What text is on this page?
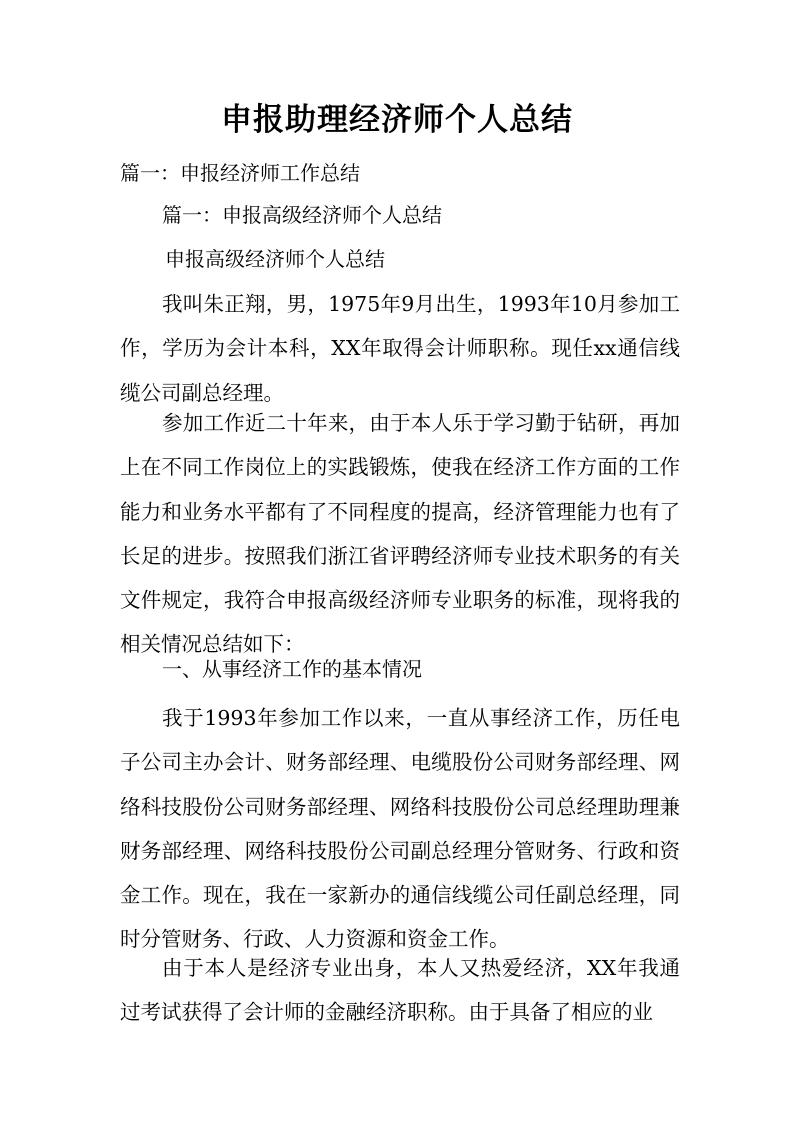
申报助理经济师个人总结
篇一：申报经济师工作总结
篇一：申报高级经济师个人总结
申报高级经济师个人总结

我叫朱正翔，男，1975年9月出生，1993年10月参加工作，学历为会计本科，XX年取得会计师职称。现任xx通信线缆公司副总经理。

参加工作近二十年来，由于本人乐于学习勤于钻研，再加上在不同工作岗位上的实践锻炼，使我在经济工作方面的工作能力和业务水平都有了不同程度的提高，经济管理能力也有了长足的进步。按照我们浙江省评聘经济师专业技术职务的有关文件规定，我符合申报高级经济师专业职务的标准，现将我的相关情况总结如下：

一、从事经济工作的基本情况

我于1993年参加工作以来，一直从事经济工作，历任电子公司主办会计、财务部经理、电缆股份公司财务部经理、网络科技股份公司财务部经理、网络科技股份公司总经理助理兼财务部经理、网络科技股份公司副总经理分管财务、行政和资金工作。现在，我在一家新办的通信线缆公司任副总经理，同时分管财务、行政、人力资源和资金工作。

由于本人是经济专业出身，本人又热爱经济，XX年我通过考试获得了会计师的金融经济职称。由于具备了相应的业
